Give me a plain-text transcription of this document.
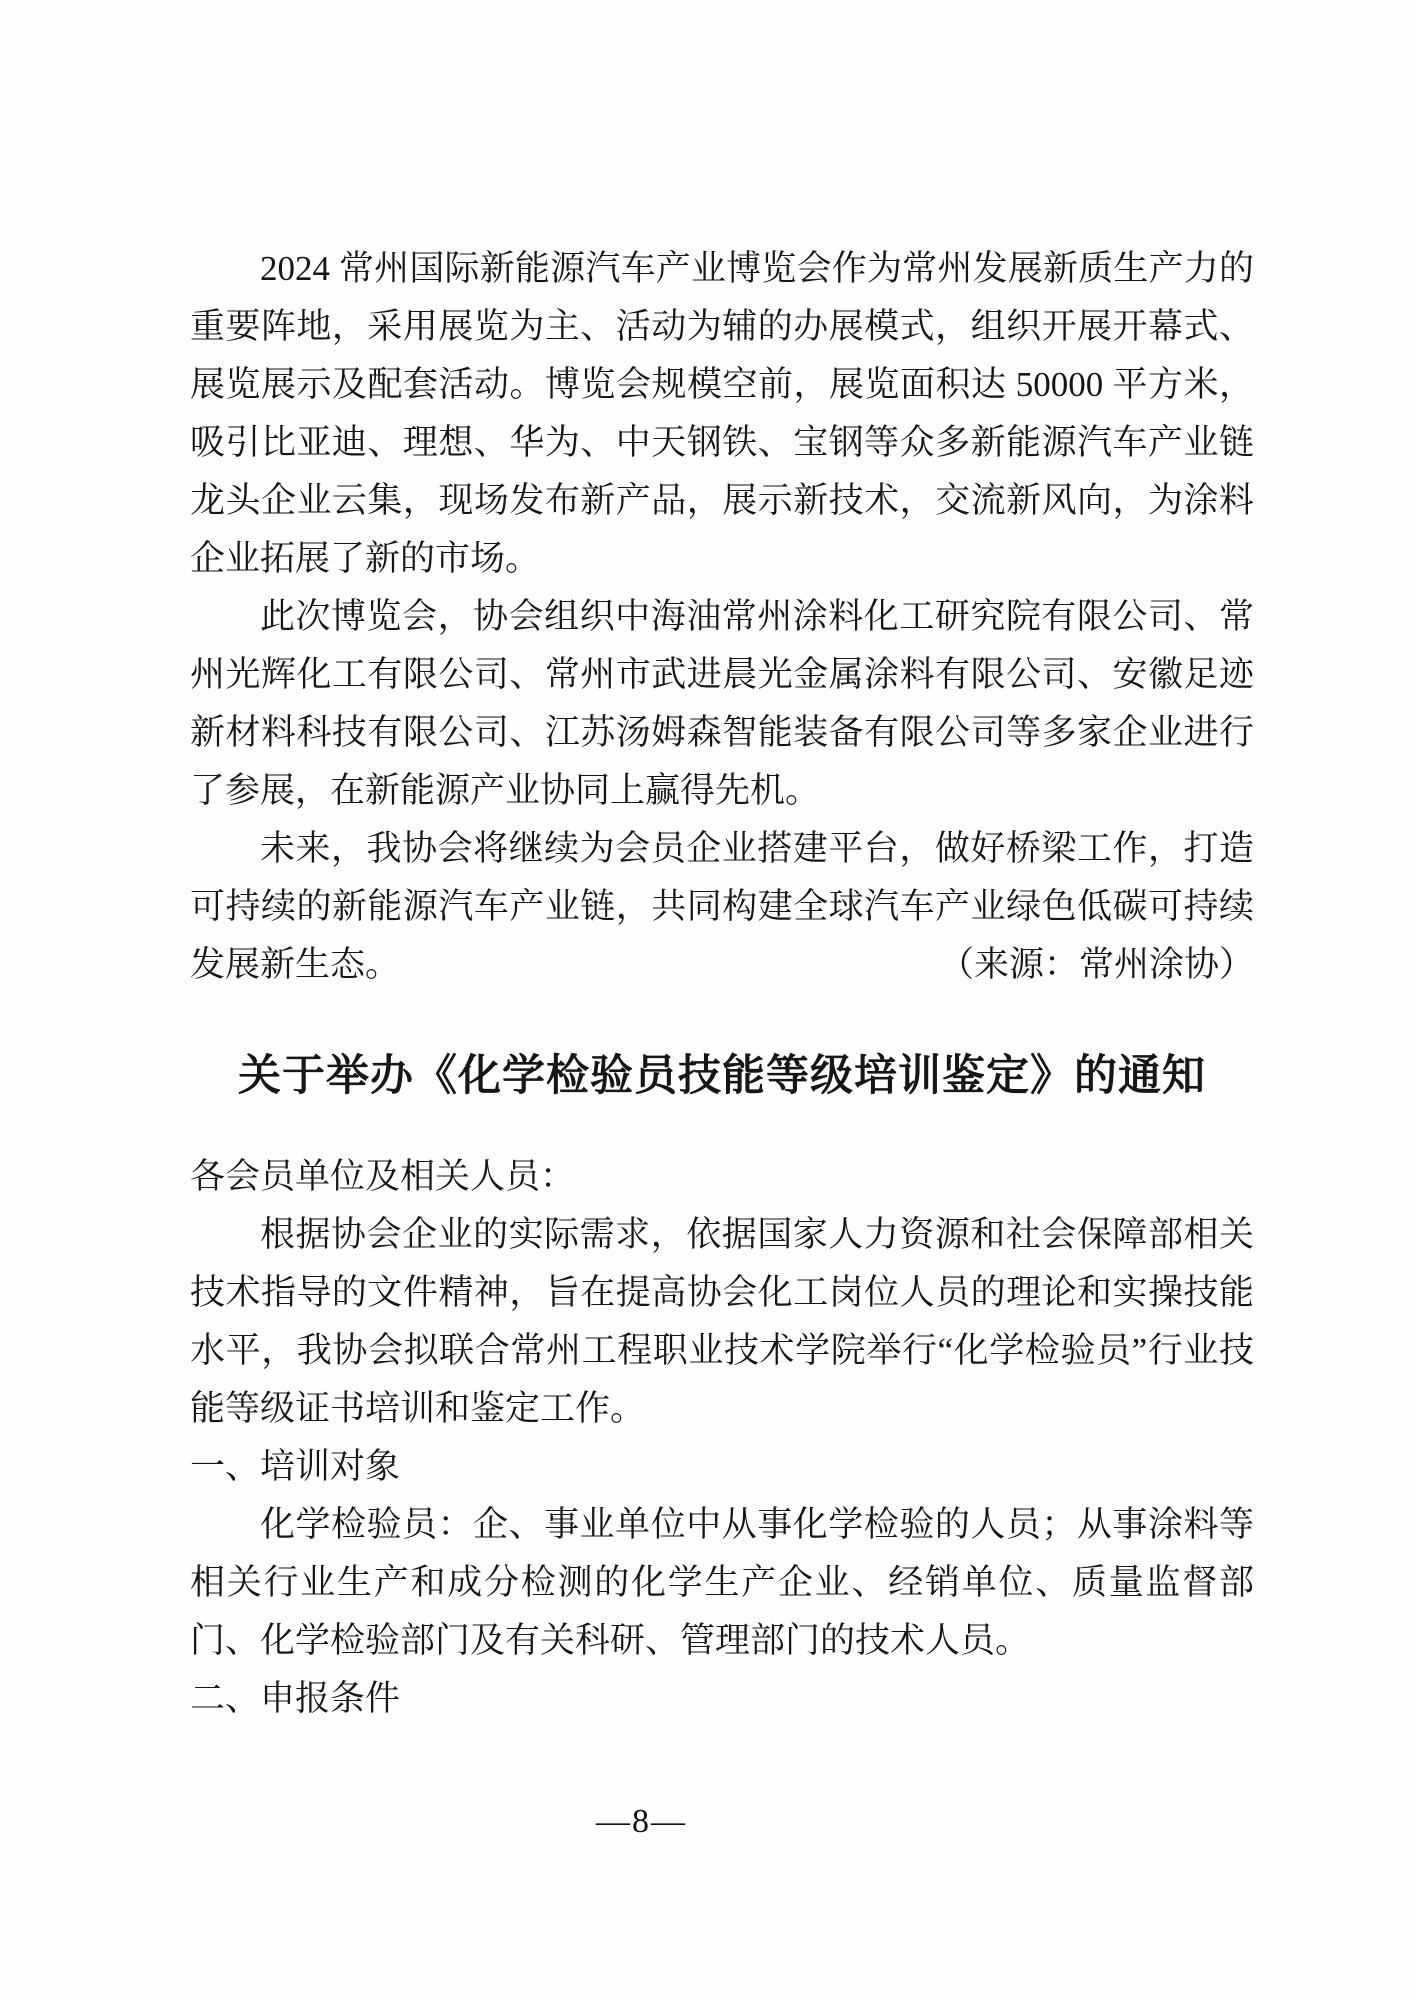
2024 常州国际新能源汽车产业博览会作为常州发展新质生产力的重要阵地，采用展览为主、活动为辅的办展模式，组织开展开幕式、展览展示及配套活动。博览会规模空前，展览面积达 50000 平方米，吸引比亚迪、理想、华为、中天钢铁、宝钢等众多新能源汽车产业链龙头企业云集，现场发布新产品，展示新技术，交流新风向，为涂料企业拓展了新的市场。

此次博览会，协会组织中海油常州涂料化工研究院有限公司、常州光辉化工有限公司、常州市武进晨光金属涂料有限公司、安徽足迹新材料科技有限公司、江苏汤姆森智能装备有限公司等多家企业进行了参展，在新能源产业协同上赢得先机。

未来，我协会将继续为会员企业搭建平台，做好桥梁工作，打造可持续的新能源汽车产业链，共同构建全球汽车产业绿色低碳可持续发展新生态。	（来源：常州涂协）

关于举办《化学检验员技能等级培训鉴定》的通知

各会员单位及相关人员：

根据协会企业的实际需求，依据国家人力资源和社会保障部相关技术指导的文件精神，旨在提高协会化工岗位人员的理论和实操技能水平，我协会拟联合常州工程职业技术学院举行“化学检验员”行业技能等级证书培训和鉴定工作。

一、培训对象

化学检验员：企、事业单位中从事化学检验的人员；从事涂料等相关行业生产和成分检测的化学生产企业、经销单位、质量监督部门、化学检验部门及有关科研、管理部门的技术人员。

二、申报条件

—8—
